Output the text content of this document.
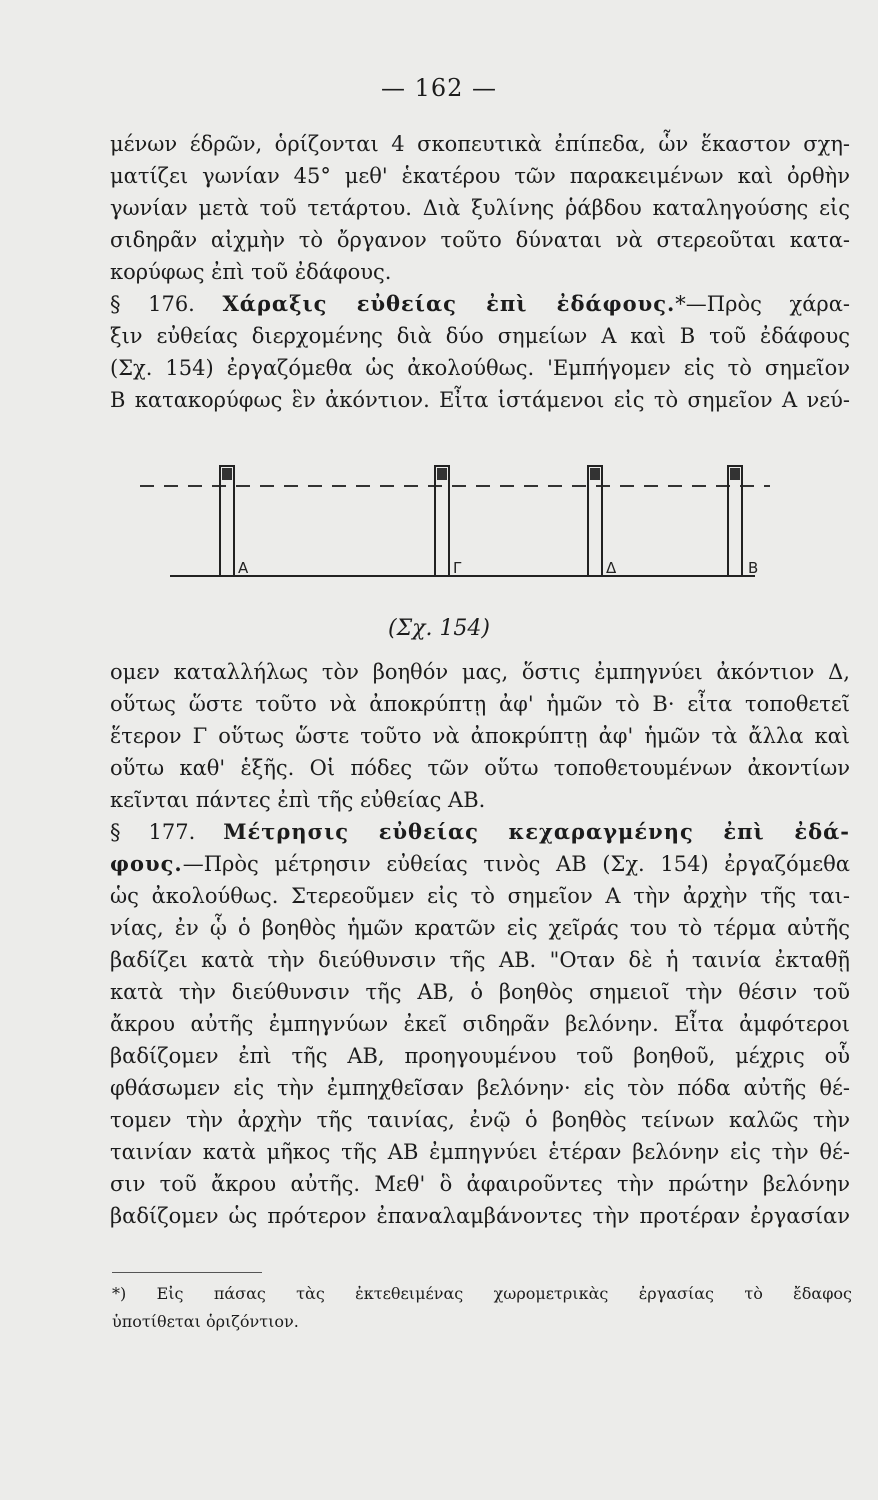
— 162 —
μένων έδρῶν, ὁρίζονται 4 σκοπευτικὰ ἐπίπεδα, ὧν ἕκαστον σχη-
ματίζει γωνίαν 45° μεθ' ἑκατέρου τῶν παρακειμένων καὶ ὀρθὴν
γωνίαν μετὰ τοῦ τετάρτου. Διὰ ξυλίνης ῥάβδου καταληγούσης εἰς
σιδηρᾶν αἰχμὴν τὸ ὄργανον τοῦτο δύναται νὰ στερεοῦται κατα-
κορύφως ἐπὶ τοῦ ἐδάφους.
§ 176. Χάραξις εὐθείας ἐπὶ ἐδάφους.*—Πρὸς χάρα-
ξιν εὐθείας διερχομένης διὰ δύο σημείων Α καὶ Β τοῦ ἐδάφους
(Σχ. 154) ἐργαζόμεθα ὡς ἀκολούθως. 'Εμπήγομεν εἰς τὸ σημεῖον
Β κατακορύφως ἓν ἀκόντιον. Εἶτα ἱστάμενοι εἰς τὸ σημεῖον Α νεύ-
Α	Γ	Δ	Β
(Σχ. 154)
ομεν καταλλήλως τὸν βοηθόν μας, ὅστις ἐμπηγνύει ἀκόντιον Δ,
οὕτως ὥστε τοῦτο νὰ ἀποκρύπτῃ ἀφ' ἡμῶν τὸ Β· εἶτα τοποθετεῖ
ἕτερον Γ οὕτως ὥστε τοῦτο νὰ ἀποκρύπτῃ ἀφ' ἡμῶν τὰ ἄλλα καὶ
οὕτω καθ' ἑξῆς. Οἱ πόδες τῶν οὕτω τοποθετουμένων ἀκοντίων
κεῖνται πάντες ἐπὶ τῆς εὐθείας ΑΒ.
§ 177. Μέτρησις εὐθείας κεχαραγμένης ἐπὶ ἐδά-
φους.—Πρὸς μέτρησιν εὐθείας τινὸς ΑΒ (Σχ. 154) ἐργαζόμεθα
ὡς ἀκολούθως. Στερεοῦμεν εἰς τὸ σημεῖον Α τὴν ἀρχὴν τῆς ται-
νίας, ἐν ᾧ ὁ βοηθὸς ἡμῶν κρατῶν εἰς χεῖράς του τὸ τέρμα αὐτῆς
βαδίζει κατὰ τὴν διεύθυνσιν τῆς ΑΒ. "Οταν δὲ ἡ ταινία ἐκταθῇ
κατὰ τὴν διεύθυνσιν τῆς ΑΒ, ὁ βοηθὸς σημειοῖ τὴν θέσιν τοῦ
ἄκρου αὐτῆς ἐμπηγνύων ἐκεῖ σιδηρᾶν βελόνην. Εἶτα ἀμφότεροι
βαδίζομεν ἐπὶ τῆς ΑΒ, προηγουμένου τοῦ βοηθοῦ, μέχρις οὗ
φθάσωμεν εἰς τὴν ἐμπηχθεῖσαν βελόνην· εἰς τὸν πόδα αὐτῆς θέ-
τομεν τὴν ἀρχὴν τῆς ταινίας, ἐνῷ ὁ βοηθὸς τείνων καλῶς τὴν
ταινίαν κατὰ μῆκος τῆς ΑΒ ἐμπηγνύει ἑτέραν βελόνην εἰς τὴν θέ-
σιν τοῦ ἄκρου αὐτῆς. Μεθ' ὃ ἀφαιροῦντες τὴν πρώτην βελόνην
βαδίζομεν ὡς πρότερον ἐπαναλαμβάνοντες τὴν προτέραν ἐργασίαν
*) Εἰς πάσας τὰς ἐκτεθειμένας χωρομετρικὰς ἐργασίας τὸ ἔδαφος
ὑποτίθεται ὁριζόντιον.
